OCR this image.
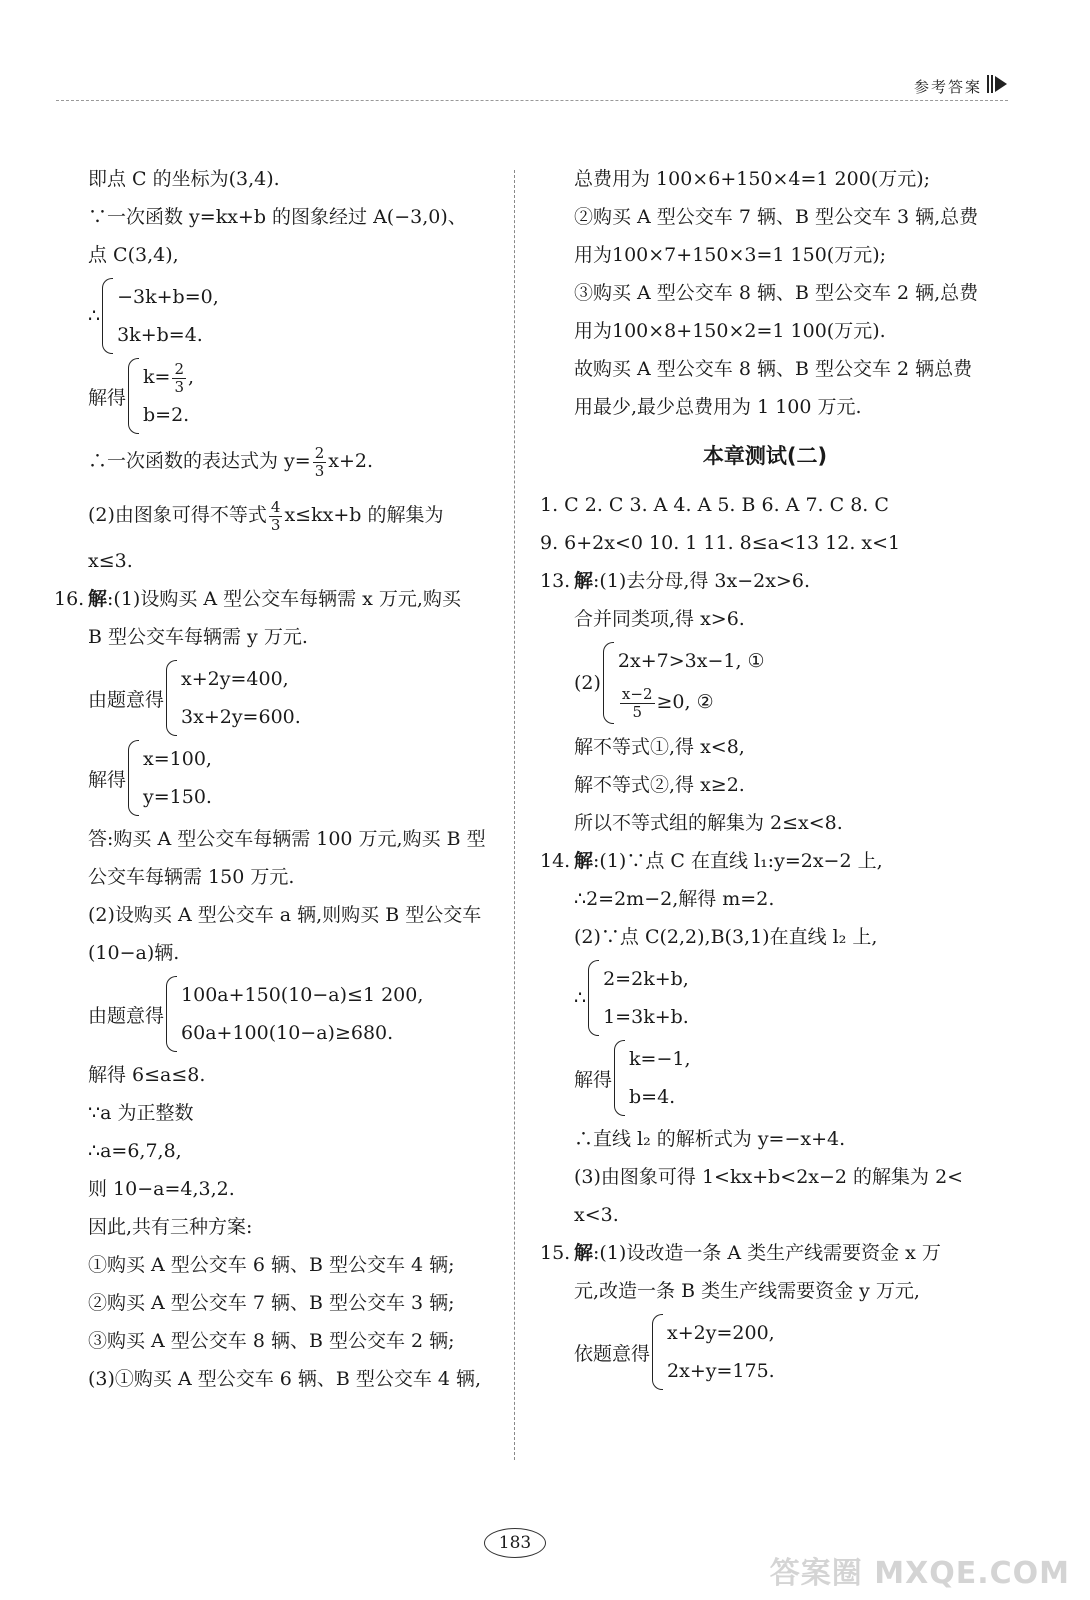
参考答案
即点 C 的坐标为(3,4).
∵一次函数 y=kx+b 的图象经过 A(−3,0)、
点 C(3,4),
∴
−3k+b=0,
3k+b=4.
解得
$k= \frac{2}{3}$ ,
b=2.
∴一次函数的表达式为 $y= \frac{2}{3} x+2$.
(2)由图象可得不等式 $\frac{4}{3} x\le kx+b$ 的解集为
x≤3.
16. 解:(1)设购买 A 型公交车每辆需 x 万元,购买
B 型公交车每辆需 y 万元.
由题意得
x+2y=400,
3x+2y=600.
解得
x=100,
y=150.
答:购买 A 型公交车每辆需 100 万元,购买 B 型
公交车每辆需 150 万元.
(2)设购买 A 型公交车 a 辆,则购买 B 型公交车
(10−a)辆.
由题意得
100a+150(10−a)≤1 200,
60a+100(10−a)≥680.
解得 6≤a≤8.
∵a 为正整数
∴a=6,7,8,
则 10−a=4,3,2.
因此,共有三种方案:
①购买 A 型公交车 6 辆、B 型公交车 4 辆;
②购买 A 型公交车 7 辆、B 型公交车 3 辆;
③购买 A 型公交车 8 辆、B 型公交车 2 辆;
(3)①购买 A 型公交车 6 辆、B 型公交车 4 辆,
总费用为 100×6+150×4=1 200(万元);
②购买 A 型公交车 7 辆、B 型公交车 3 辆,总费
用为100×7+150×3=1 150(万元);
③购买 A 型公交车 8 辆、B 型公交车 2 辆,总费
用为100×8+150×2=1 100(万元).
故购买 A 型公交车 8 辆、B 型公交车 2 辆总费
用最少,最少总费用为 1 100 万元.
本章测试(二)
1. C 2. C 3. A 4. A 5. B 6. A 7. C 8. C
9. 6+2x<0 10. 1 11. 8≤a<13 12. x<1
13. 解:(1)去分母,得 3x−2x>6.
合并同类项,得 x>6.
(2)
2x+7>3x−1, ①
$\frac{x-2}{5} \ge 0$, ②
解不等式①,得 x<8,
解不等式②,得 x≥2.
所以不等式组的解集为 2≤x<8.
14. 解:(1)∵点 C 在直线 l₁:y=2x−2 上,
∴2=2m−2,解得 m=2.
(2)∵点 C(2,2),B(3,1)在直线 l₂ 上,
∴
2=2k+b,
1=3k+b.
解得
k=−1,
b=4.
∴直线 l₂ 的解析式为 y=−x+4.
(3)由图象可得 1<kx+b<2x−2 的解集为 2<
x<3.
15. 解:(1)设改造一条 A 类生产线需要资金 x 万
元,改造一条 B 类生产线需要资金 y 万元,
依题意得
x+2y=200,
2x+y=175.
183
答案圈 MXQE.COM
